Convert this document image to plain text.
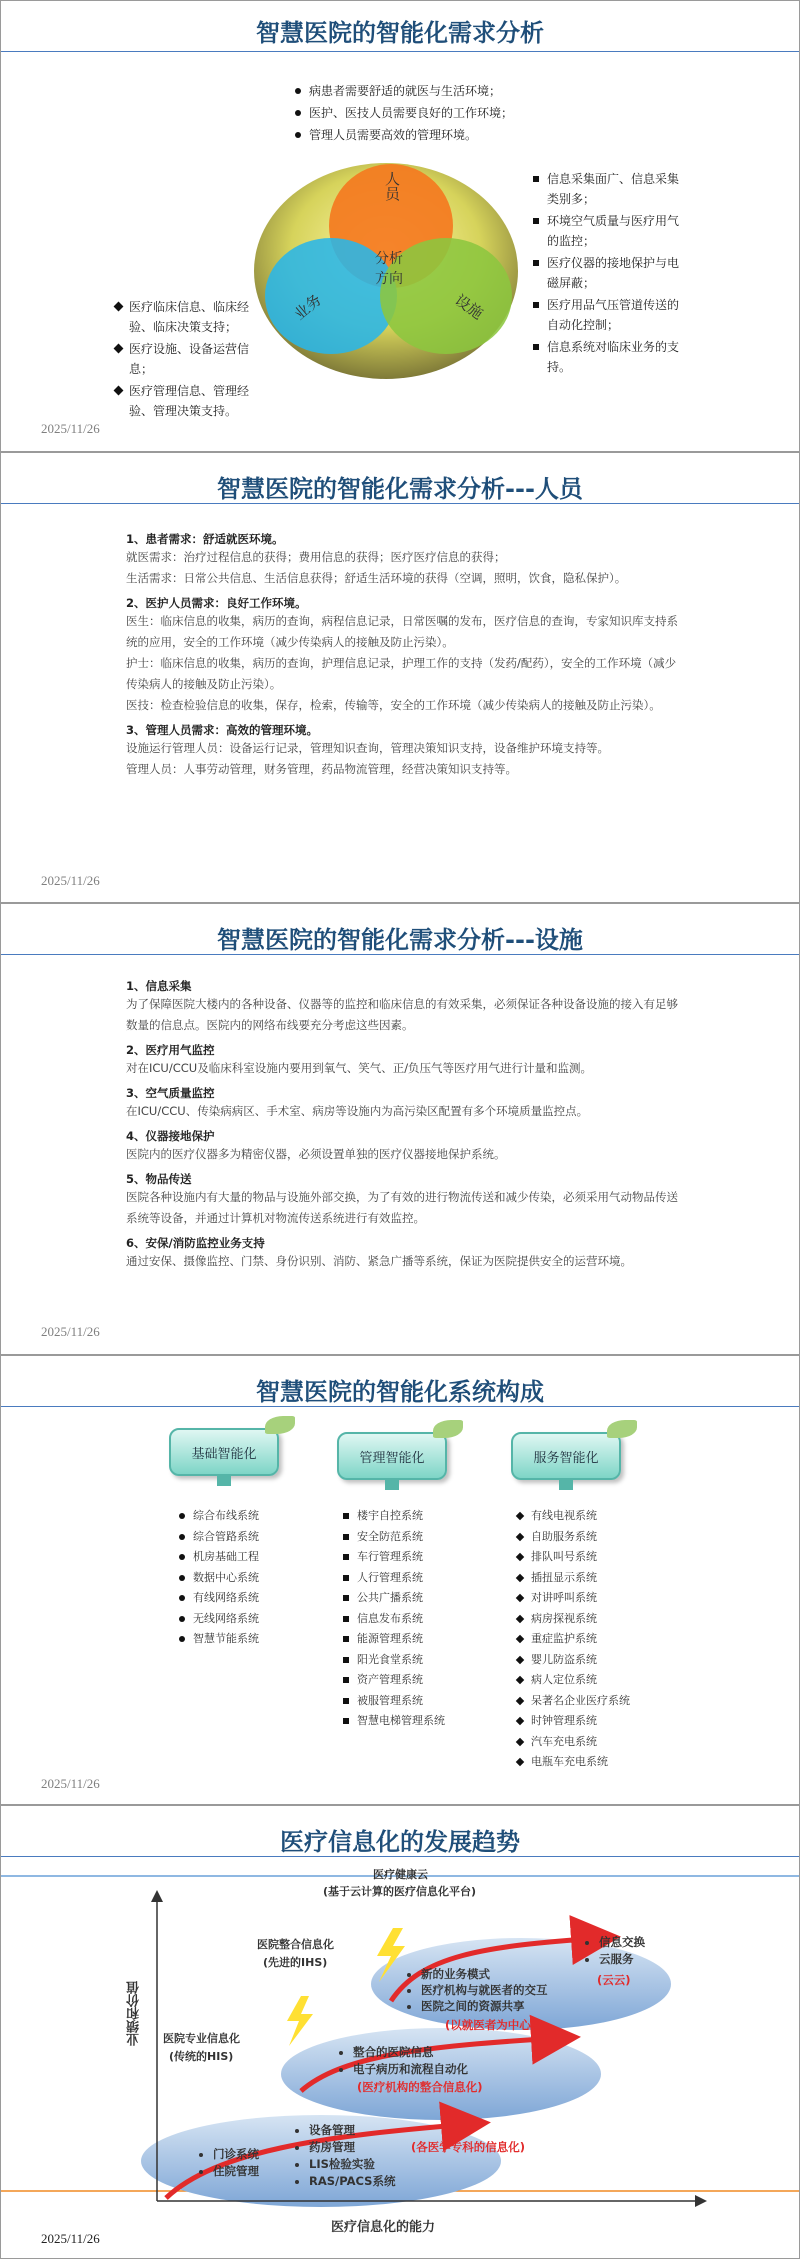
智慧医院的智能化需求分析
病患者需要舒适的就医与生活环境；
医护、医技人员需要良好的工作环境；
管理人员需要高效的管理环境。
人员
分析
方向
业务	设施
信息采集面广、信息采集类别多；
环境空气质量与医疗用气的监控；
医疗仪器的接地保护与电磁屏蔽；
医疗用品气压管道传送的自动化控制；
信息系统对临床业务的支持。
医疗临床信息、临床经验、临床决策支持；
医疗设施、设备运营信息；
医疗管理信息、管理经验、管理决策支持。
2025/11/26
智慧医院的智能化需求分析---人员
1、患者需求：舒适就医环境。

就医需求：治疗过程信息的获得；费用信息的获得；医疗医疗信息的获得；

生活需求：日常公共信息、生活信息获得；舒适生活环境的获得（空调，照明，饮食，隐私保护）。

2、医护人员需求：良好工作环境。

医生：临床信息的收集，病历的查询，病程信息记录，日常医嘱的发布，医疗信息的查询，专家知识库支持系统的应用，安全的工作环境（减少传染病人的接触及防止污染）。

护士：临床信息的收集，病历的查询，护理信息记录，护理工作的支持（发药/配药），安全的工作环境（减少传染病人的接触及防止污染）。

医技：检查检验信息的收集，保存，检索，传输等，安全的工作环境（减少传染病人的接触及防止污染）。

3、管理人员需求：高效的管理环境。

设施运行管理人员：设备运行记录，管理知识查询，管理决策知识支持，设备维护环境支持等。

管理人员：人事劳动管理，财务管理，药品物流管理，经营决策知识支持等。

2025/11/26
智慧医院的智能化需求分析---设施
1、信息采集

为了保障医院大楼内的各种设备、仪器等的监控和临床信息的有效采集，必须保证各种设备设施的接入有足够数量的信息点。医院内的网络布线要充分考虑这些因素。

2、医疗用气监控

对在ICU/CCU及临床科室设施内要用到氧气、笑气、正/负压气等医疗用气进行计量和监测。

3、空气质量监控

在ICU/CCU、传染病病区、手术室、病房等设施内为高污染区配置有多个环境质量监控点。

4、仪器接地保护

医院内的医疗仪器多为精密仪器，必须设置单独的医疗仪器接地保护系统。

5、物品传送

医院各种设施内有大量的物品与设施外部交换，为了有效的进行物流传送和减少传染，必须采用气动物品传送系统等设备，并通过计算机对物流传送系统进行有效监控。

6、安保/消防监控业务支持

通过安保、摄像监控、门禁、身份识别、消防、紧急广播等系统，保证为医院提供安全的运营环境。

2025/11/26
智慧医院的智能化系统构成
基础智能化	管理智能化	服务智能化
综合布线系统
综合管路系统
机房基础工程
数据中心系统
有线网络系统
无线网络系统
智慧节能系统
楼宇自控系统
安全防范系统
车行管理系统
人行管理系统
公共广播系统
信息发布系统
能源管理系统
阳光食堂系统
资产管理系统
被服管理系统
智慧电梯管理系统
有线电视系统
自助服务系统
排队叫号系统
插扭显示系统
对讲呼叫系统
病房探视系统
重症监护系统
婴儿防盗系统
病人定位系统
呆著名企业医疗系统
时钟管理系统
汽车充电系统
电瓶车充电系统
2025/11/26
医疗信息化的发展趋势
业绩和价值
医疗信息化的能力
医疗健康云
(基于云计算的医疗信息化平台)
医院整合信息化
(先进的IHS)
医院专业信息化
(传统的HIS)
• 门诊系统
• 住院管理
• 设备管理
• 药房管理
• LIS检验实验
• RAS/PACS系统
(各医学专科的信息化)
• 整合的医院信息
• 电子病历和流程自动化
(医疗机构的整合信息化)
• 新的业务模式
• 医疗机构与就医者的交互
• 医院之间的资源共享
(以就医者为中心)
• 信息交换
• 云服务
(云云)
2025/11/26
